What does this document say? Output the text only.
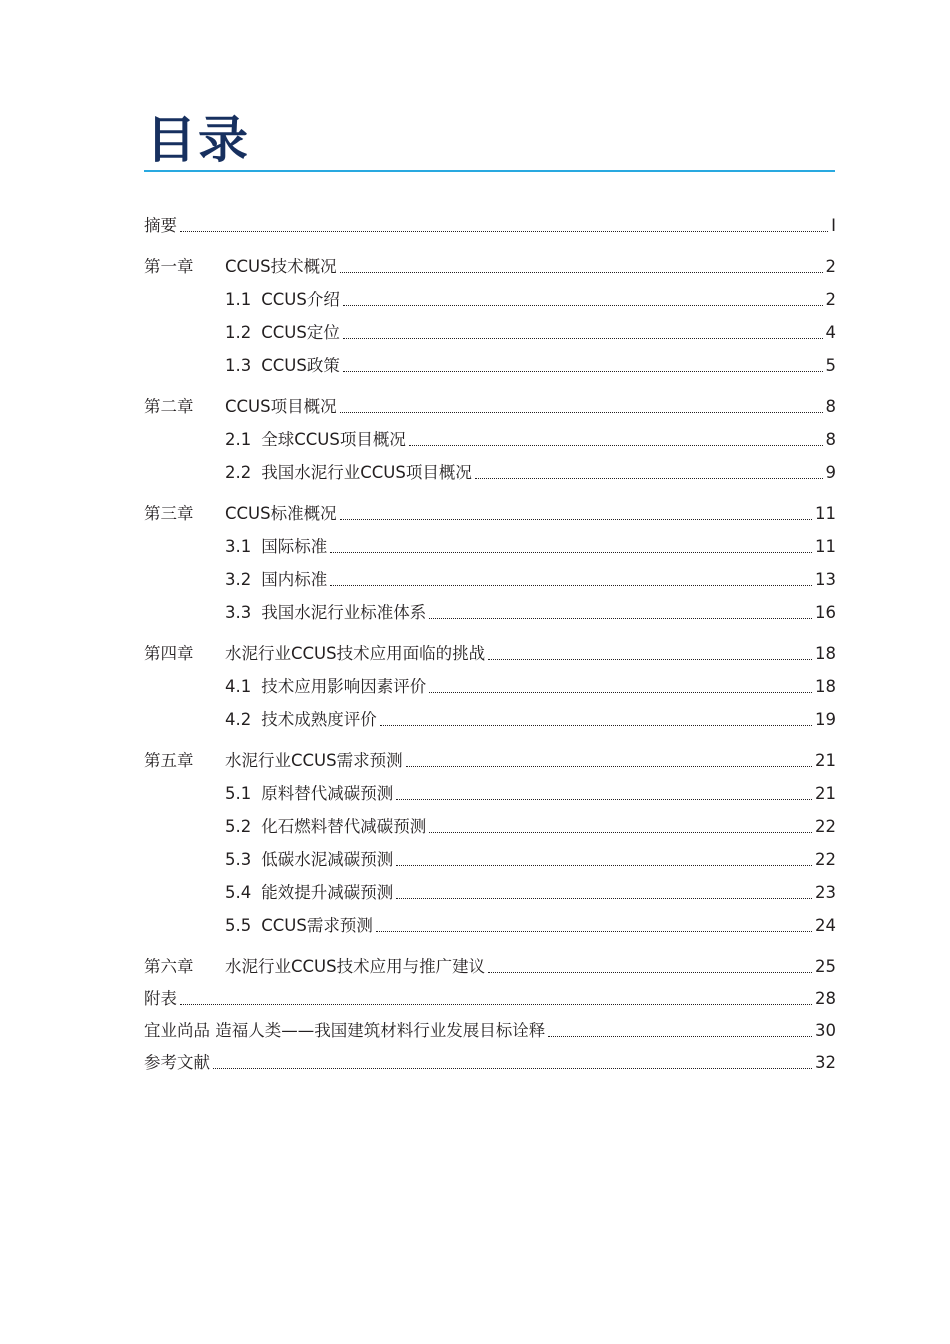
目录
摘要	I
第一章	CCUS技术概况	2
1.1 CCUS介绍	2
1.2 CCUS定位	4
1.3 CCUS政策	5
第二章	CCUS项目概况	8
2.1 全球CCUS项目概况	8
2.2 我国水泥行业CCUS项目概况	9
第三章	CCUS标准概况	11
3.1 国际标准	11
3.2 国内标准	13
3.3 我国水泥行业标准体系	16
第四章	水泥行业CCUS技术应用面临的挑战	18
4.1 技术应用影响因素评价	18
4.2 技术成熟度评价	19
第五章	水泥行业CCUS需求预测	21
5.1 原料替代减碳预测	21
5.2 化石燃料替代减碳预测	22
5.3 低碳水泥减碳预测	22
5.4 能效提升减碳预测	23
5.5 CCUS需求预测	24
第六章	水泥行业CCUS技术应用与推广建议	25
附表	28
宜业尚品 造福人类——我国建筑材料行业发展目标诠释	30
参考文献	32
